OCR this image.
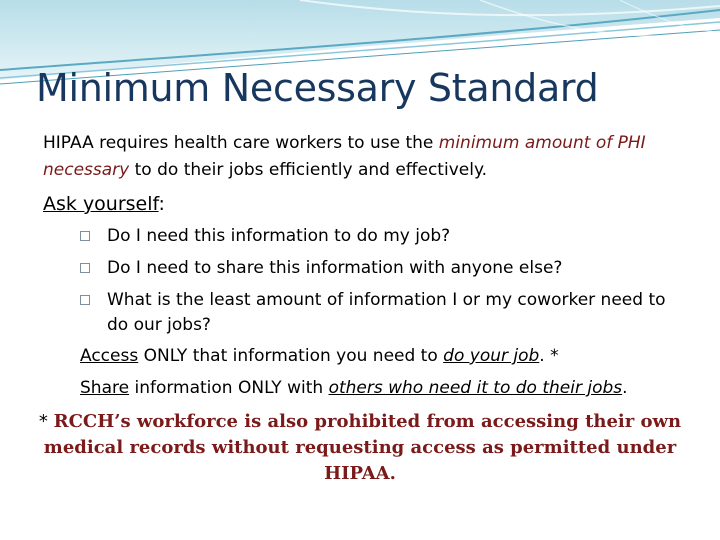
Minimum Necessary Standard
HIPAA requires health care workers to use the minimum amount of PHI necessary to do their jobs efficiently and effectively.
Ask yourself:
Do I need this information to do my job?
Do I need to share this information with anyone else?
What is the least amount of information I or my coworker need to do our jobs?
Access ONLY that information you need to do your job. *
Share information ONLY with others who need it to do their jobs.
* RCCH’s workforce is also prohibited from accessing their own medical records without requesting access as permitted under HIPAA.
